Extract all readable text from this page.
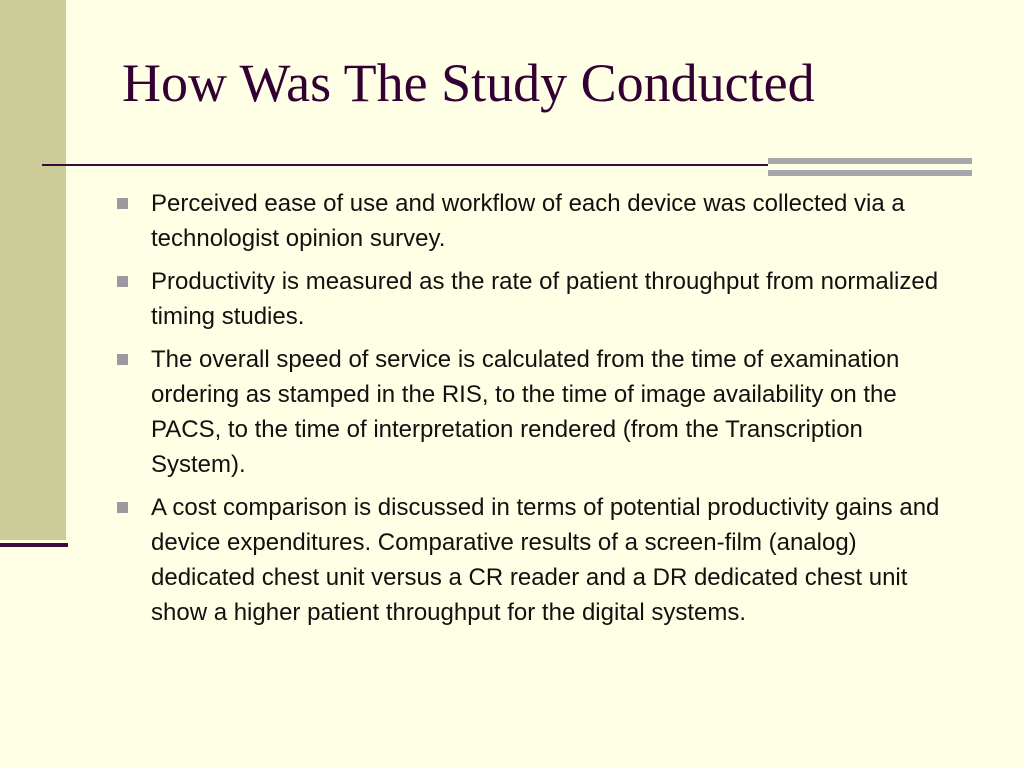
How Was The Study Conducted
Perceived ease of use and workflow of each device was collected via a technologist opinion survey.
Productivity is measured as the rate of patient throughput from normalized timing studies.
The overall speed of service is calculated from the time of examination ordering as stamped in the RIS, to the time of image availability on the PACS, to the time of interpretation rendered (from the Transcription System).
A cost comparison is discussed in terms of potential productivity gains and device expenditures. Comparative results of a screen-film (analog) dedicated chest unit versus a CR reader and a DR dedicated chest unit show a higher patient throughput for the digital systems.
